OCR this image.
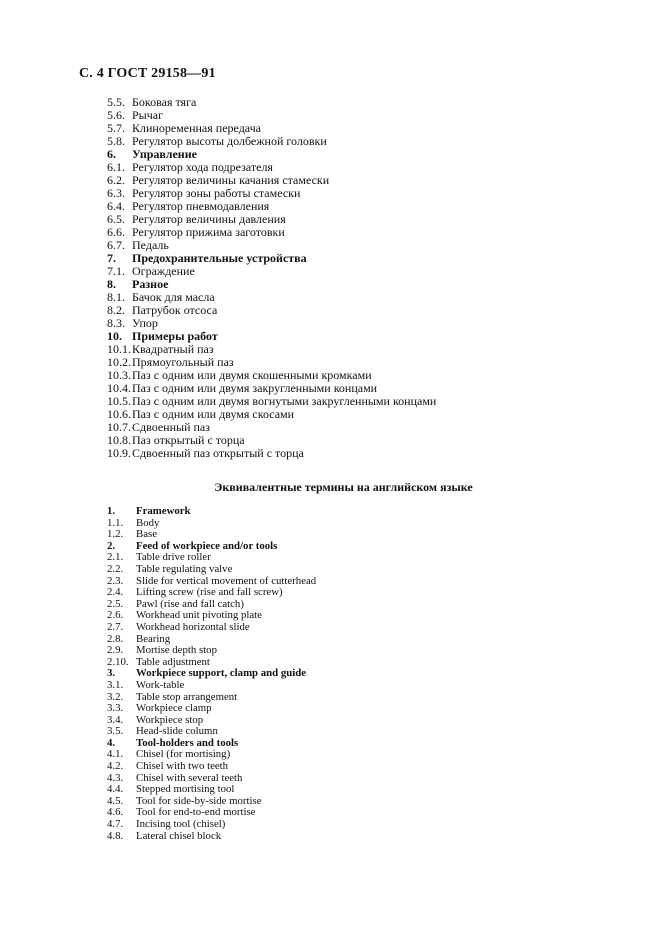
С. 4 ГОСТ 29158—91
5.5. Боковая тяга
5.6. Рычаг
5.7. Клиноременная передача
5.8. Регулятор высоты долбежной головки
6.	Управление
6.1. Регулятор хода подрезателя
6.2. Регулятор величины качания стамески
6.3. Регулятор зоны работы стамески
6.4. Регулятор пневмодавления
6.5. Регулятор величины давления
6.6. Регулятор прижима заготовки
6.7. Педаль
7.	Предохранительные устройства
7.1. Ограждение
8.	Разное
8.1. Бачок для масла
8.2. Патрубок отсоса
8.3. Упор
10. Примеры работ
10.1. Квадратный паз
10.2. Прямоугольный паз
10.3. Паз с одним или двумя скошенными кромками
10.4. Паз с одним или двумя закругленными концами
10.5. Паз с одним или двумя вогнутыми закругленными концами
10.6. Паз с одним или двумя скосами
10.7. Сдвоенный паз
10.8. Паз открытый с торца
10.9. Сдвоенный паз открытый с торца
Эквивалентные термины на английском языке
1.	Framework
1.1.	Body
1.2.	Base
2.	Feed of workpiece and/or tools
2.1.	Table drive roller
2.2.	Table regulating valve
2.3.	Slide for vertical movement of cutterhead
2.4.	Lifting screw (rise and fall screw)
2.5.	Pawl (rise and fall catch)
2.6.	Workhead unit pivoting plate
2.7.	Workhead horizontal slide
2.8.	Bearing
2.9.	Mortise depth stop
2.10. Table adjustment
3.	Workpiece support, clamp and guide
3.1.	Work-table
3.2.	Table stop arrangement
3.3.	Workpiece clamp
3.4.	Workpiece stop
3.5.	Head-slide column
4.	Tool-holders and tools
4.1.	Chisel (for mortising)
4.2.	Chisel with two teeth
4.3.	Chisel with several teeth
4.4.	Stepped mortising tool
4.5.	Tool for side-by-side mortise
4.6.	Tool for end-to-end mortise
4.7.	Incising tool (chisel)
4.8.	Lateral chisel block
